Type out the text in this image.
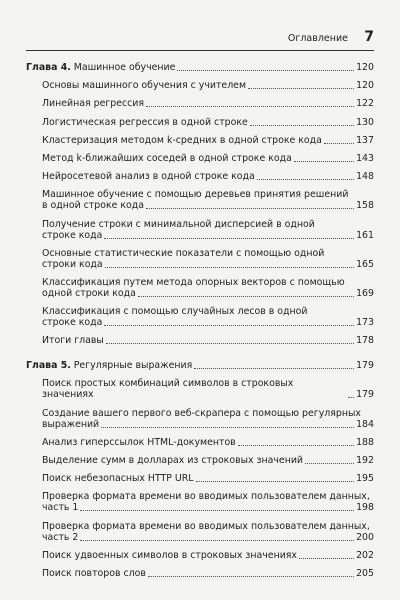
Оглавление 7
Глава 4. Машинное обучение	120
Основы машинного обучения с учителем	120
Линейная регрессия	122
Логистическая регрессия в одной строке	130
Кластеризация методом k-средних в одной строке кода	137
Метод k-ближайших соседей в одной строке кода	143
Нейросетевой анализ в одной строке кода	148
Машинное обучение с помощью деревьев принятия решений
в одной строке кода	158
Получение строки с минимальной дисперсией в одной
строке кода	161
Основные статистические показатели с помощью одной
строки кода	165
Классификация путем метода опорных векторов с помощью
одной строки кода	169
Классификация с помощью случайных лесов в одной
строке кода	173
Итоги главы	178
Глава 5. Регулярные выражения	179
Поиск простых комбинаций символов в строковых значениях	179
Создание вашего первого веб-скрапера с помощью регулярных
выражений	184
Анализ гиперссылок HTML-документов	188
Выделение сумм в долларах из строковых значений	192
Поиск небезопасных HTTP URL	195
Проверка формата времени во вводимых пользователем данных,
часть 1	198
Проверка формата времени во вводимых пользователем данных,
часть 2	200
Поиск удвоенных символов в строковых значениях	202
Поиск повторов слов	205
